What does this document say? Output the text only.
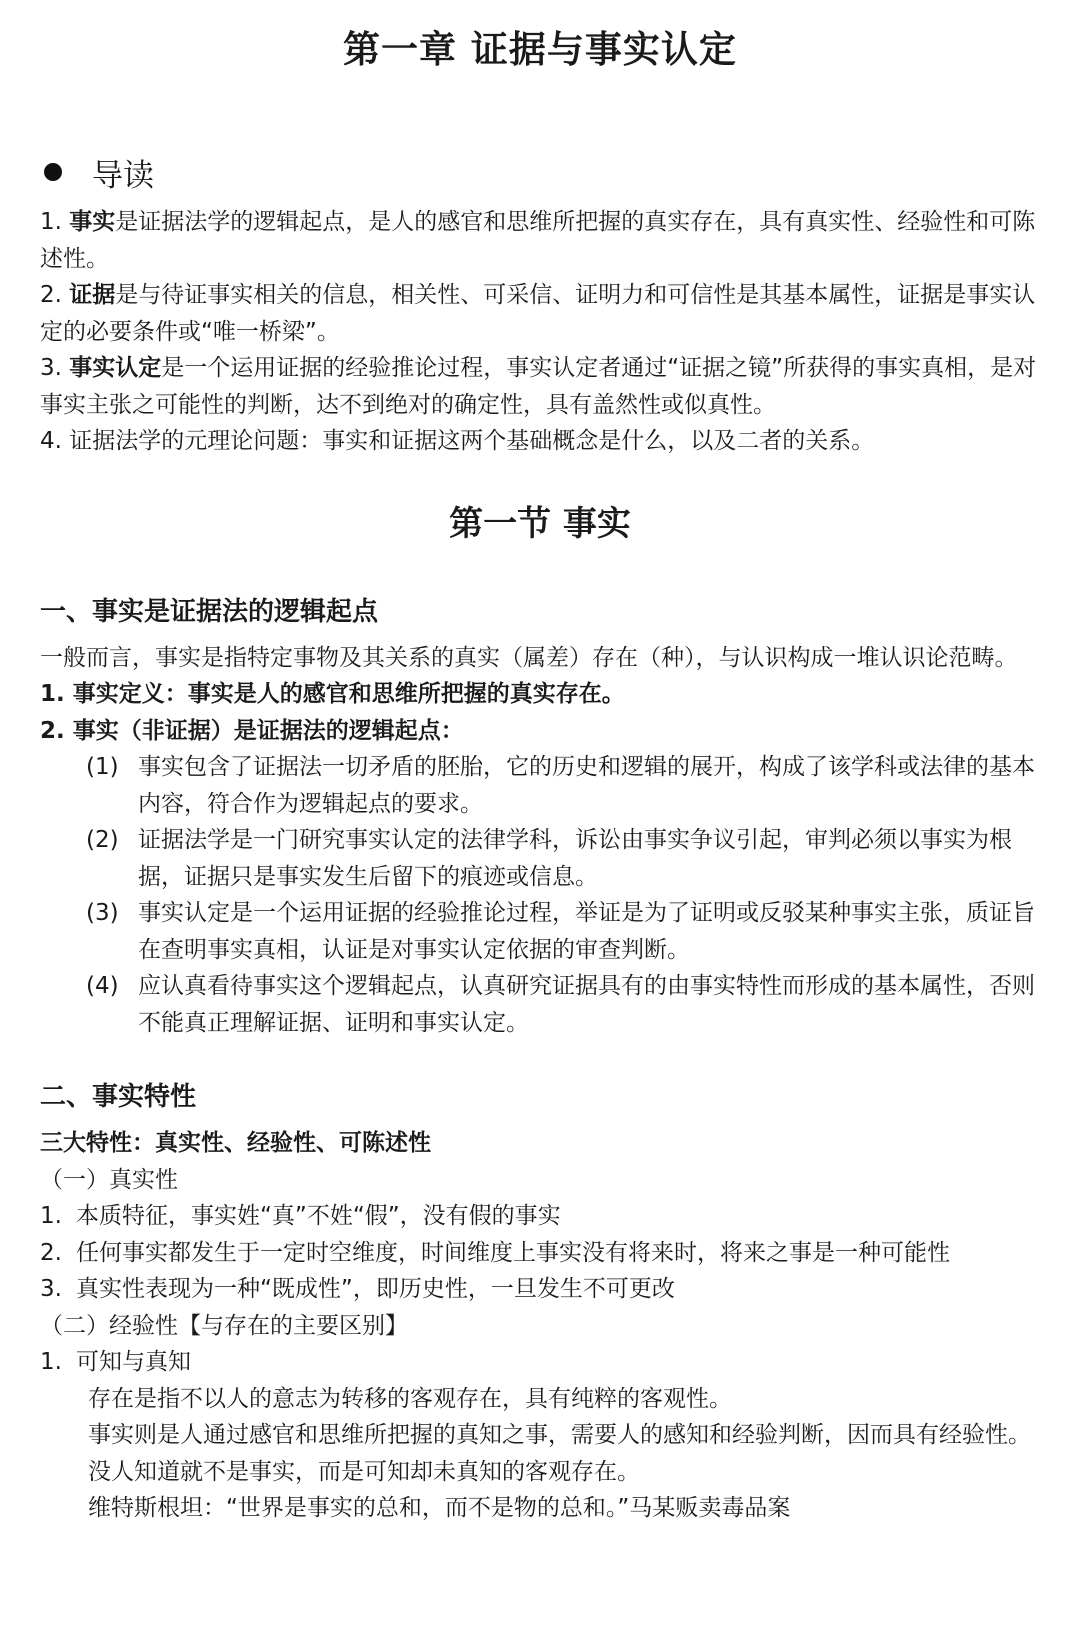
第一章 证据与事实认定
导读

1. 事实是证据法学的逻辑起点，是人的感官和思维所把握的真实存在，具有真实性、经验性和可陈述性。

2. 证据是与待证事实相关的信息，相关性、可采信、证明力和可信性是其基本属性，证据是事实认定的必要条件或“唯一桥梁”。

3. 事实认定是一个运用证据的经验推论过程，事实认定者通过“证据之镜”所获得的事实真相，是对事实主张之可能性的判断，达不到绝对的确定性，具有盖然性或似真性。

4. 证据法学的元理论问题：事实和证据这两个基础概念是什么，以及二者的关系。

第一节 事实
一、事实是证据法的逻辑起点

一般而言，事实是指特定事物及其关系的真实（属差）存在（种），与认识构成一堆认识论范畴。

1. 事实定义：事实是人的感官和思维所把握的真实存在。
2. 事实（非证据）是证据法的逻辑起点：
(1) 事实包含了证据法一切矛盾的胚胎，它的历史和逻辑的展开，构成了该学科或法律的基本内容，符合作为逻辑起点的要求。
(2) 证据法学是一门研究事实认定的法律学科，诉讼由事实争议引起，审判必须以事实为根据，证据只是事实发生后留下的痕迹或信息。
(3) 事实认定是一个运用证据的经验推论过程，举证是为了证明或反驳某种事实主张，质证旨在查明事实真相，认证是对事实认定依据的审查判断。
(4) 应认真看待事实这个逻辑起点，认真研究证据具有的由事实特性而形成的基本属性，否则不能真正理解证据、证明和事实认定。
二、事实特性
三大特性：真实性、经验性、可陈述性
（一）真实性
1. 本质特征，事实姓“真”不姓“假”，没有假的事实
2. 任何事实都发生于一定时空维度，时间维度上事实没有将来时，将来之事是一种可能性
3. 真实性表现为一种“既成性”，即历史性，一旦发生不可更改
（二）经验性【与存在的主要区别】
1. 可知与真知
存在是指不以人的意志为转移的客观存在，具有纯粹的客观性。
事实则是人通过感官和思维所把握的真知之事，需要人的感知和经验判断，因而具有经验性。
没人知道就不是事实，而是可知却未真知的客观存在。
维特斯根坦：“世界是事实的总和，而不是物的总和。”马某贩卖毒品案
